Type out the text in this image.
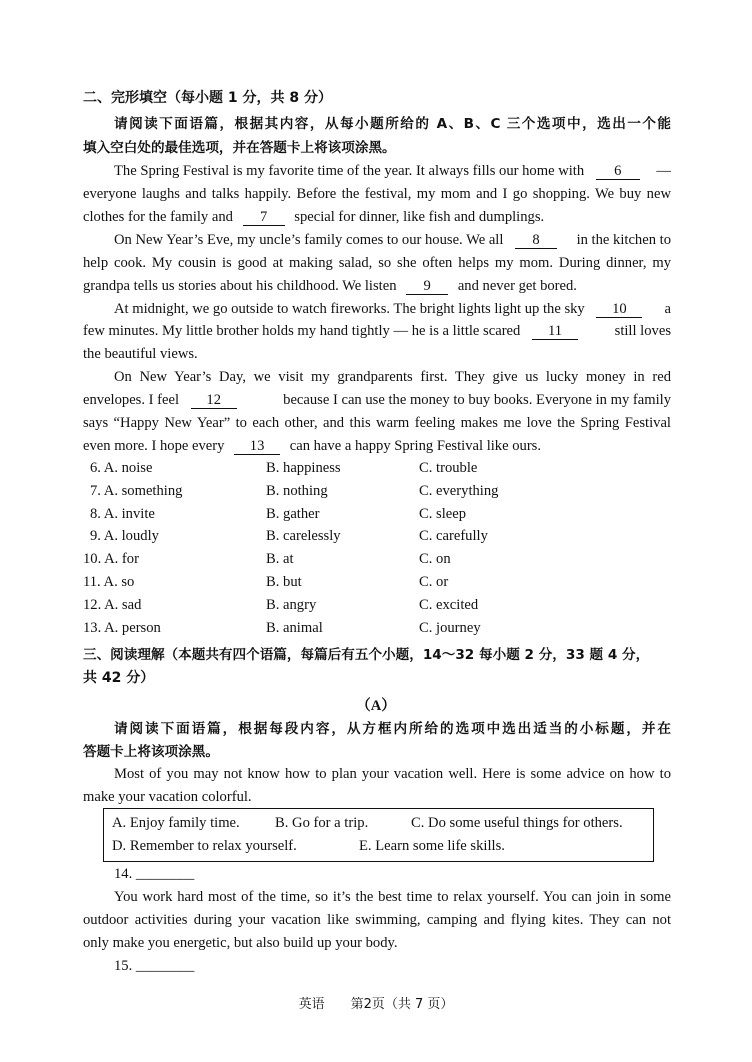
二、完形填空（每小题 1 分，共 8 分）
请阅读下面语篇，根据其内容，从每小题所给的 A、B、C 三个选项中，选出一个能
填入空白处的最佳选项，并在答题卡上将该项涂黑。
The Spring Festival is my favorite time of the year. It always fills our home with 6 —
everyone laughs and talks happily. Before the festival, my mom and I go shopping. We buy new
clothes for the family and 7 special for dinner, like fish and dumplings.
On New Year’s Eve, my uncle’s family comes to our house. We all 8	in the kitchen to
help cook. My cousin is good at making salad, so she often helps my mom. During dinner, my
grandpa tells us stories about his childhood. We listen 9 and never get bored.
At midnight, we go outside to watch fireworks. The bright lights light up the sky 10	a
few minutes. My little brother holds my hand tightly — he is a little scared 11	still loves
the beautiful views.
On New Year’s Day, we visit my grandparents first. They give us lucky money in red
envelopes. I feel 12	because I can use the money to buy books. Everyone in my family
says “Happy New Year” to each other, and this warm feeling makes me love the Spring Festival
even more. I hope every 13 can have a happy Spring Festival like ours.
6. A. noise	B. happiness	C. trouble
7. A. something	B. nothing	C. everything
8. A. invite	B. gather	C. sleep
9. A. loudly	B. carelessly	C. carefully
10. A. for	B. at	C. on
11. A. so	B. but	C. or
12. A. sad	B. angry	C. excited
13. A. person	B. animal	C. journey
三、阅读理解（本题共有四个语篇，每篇后有五个小题，14～32 每小题 2 分，33 题 4 分，
共 42 分）
（A）
请阅读下面语篇，根据每段内容，从方框内所给的选项中选出适当的小标题，并在
答题卡上将该项涂黑。
Most of you may not know how to plan your vacation well. Here is some advice on how to
make your vacation colorful.
A. Enjoy family time. B. Go for a trip.	C. Do some useful things for others.
D. Remember to relax yourself.	E. Learn some life skills.
14. ________
You work hard most of the time, so it’s the best time to relax yourself. You can join in some
outdoor activities during your vacation like swimming, camping and flying kites. They can not
only make you energetic, but also build up your body.
15. ________
英语　　第2页（共 7 页）
